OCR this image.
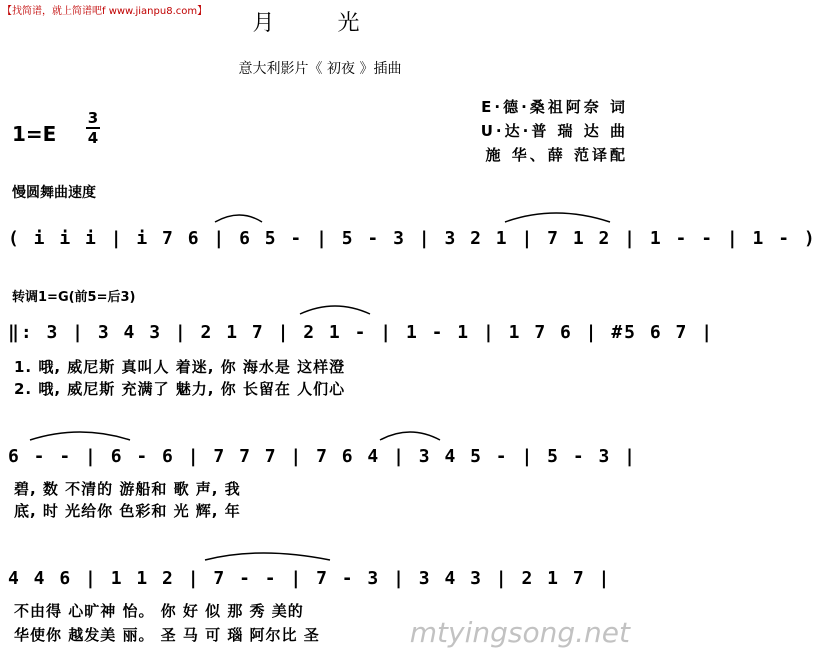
【找简谱，就上简谱吧f www.jianpu8.com】	月 光
意大利影片《 初夜 》插曲
E·德·桑祖阿奈 词
U·达·普 瑞 达 曲
施 华、薛 范译配
1=E
3
4
慢圆舞曲速度
( i i i | i 7 6 | 6 5 - | 5 - 3 | 3 2 1 | 7 1 2 | 1 - - | 1 - )
转调1=G(前5=后3)
‖: 3 | 3 4 3 | 2 1 7 | 2 1 - | 1 - 1 | 1 7 6 | #5 6 7 |
1. 哦, 威尼斯 真叫人 着迷, 你 海水是 这样澄
2. 哦, 威尼斯 充满了 魅力, 你 长留在 人们心
6 - - | 6 - 6 | 7 7 7 | 7 6 4 | 3 4 5 - | 5 - 3 |
碧, 数 不清的 游船和 歌 声, 我
底, 时 光给你 色彩和 光 辉, 年
4 4 6 | 1 1 2 | 7 - - | 7 - 3 | 3 4 3 | 2 1 7 |
不由得 心旷神 怡。 你 好 似 那 秀 美的
华使你 越发美 丽。 圣 马 可 瑙 阿尔比 圣	mtyingsong.net
